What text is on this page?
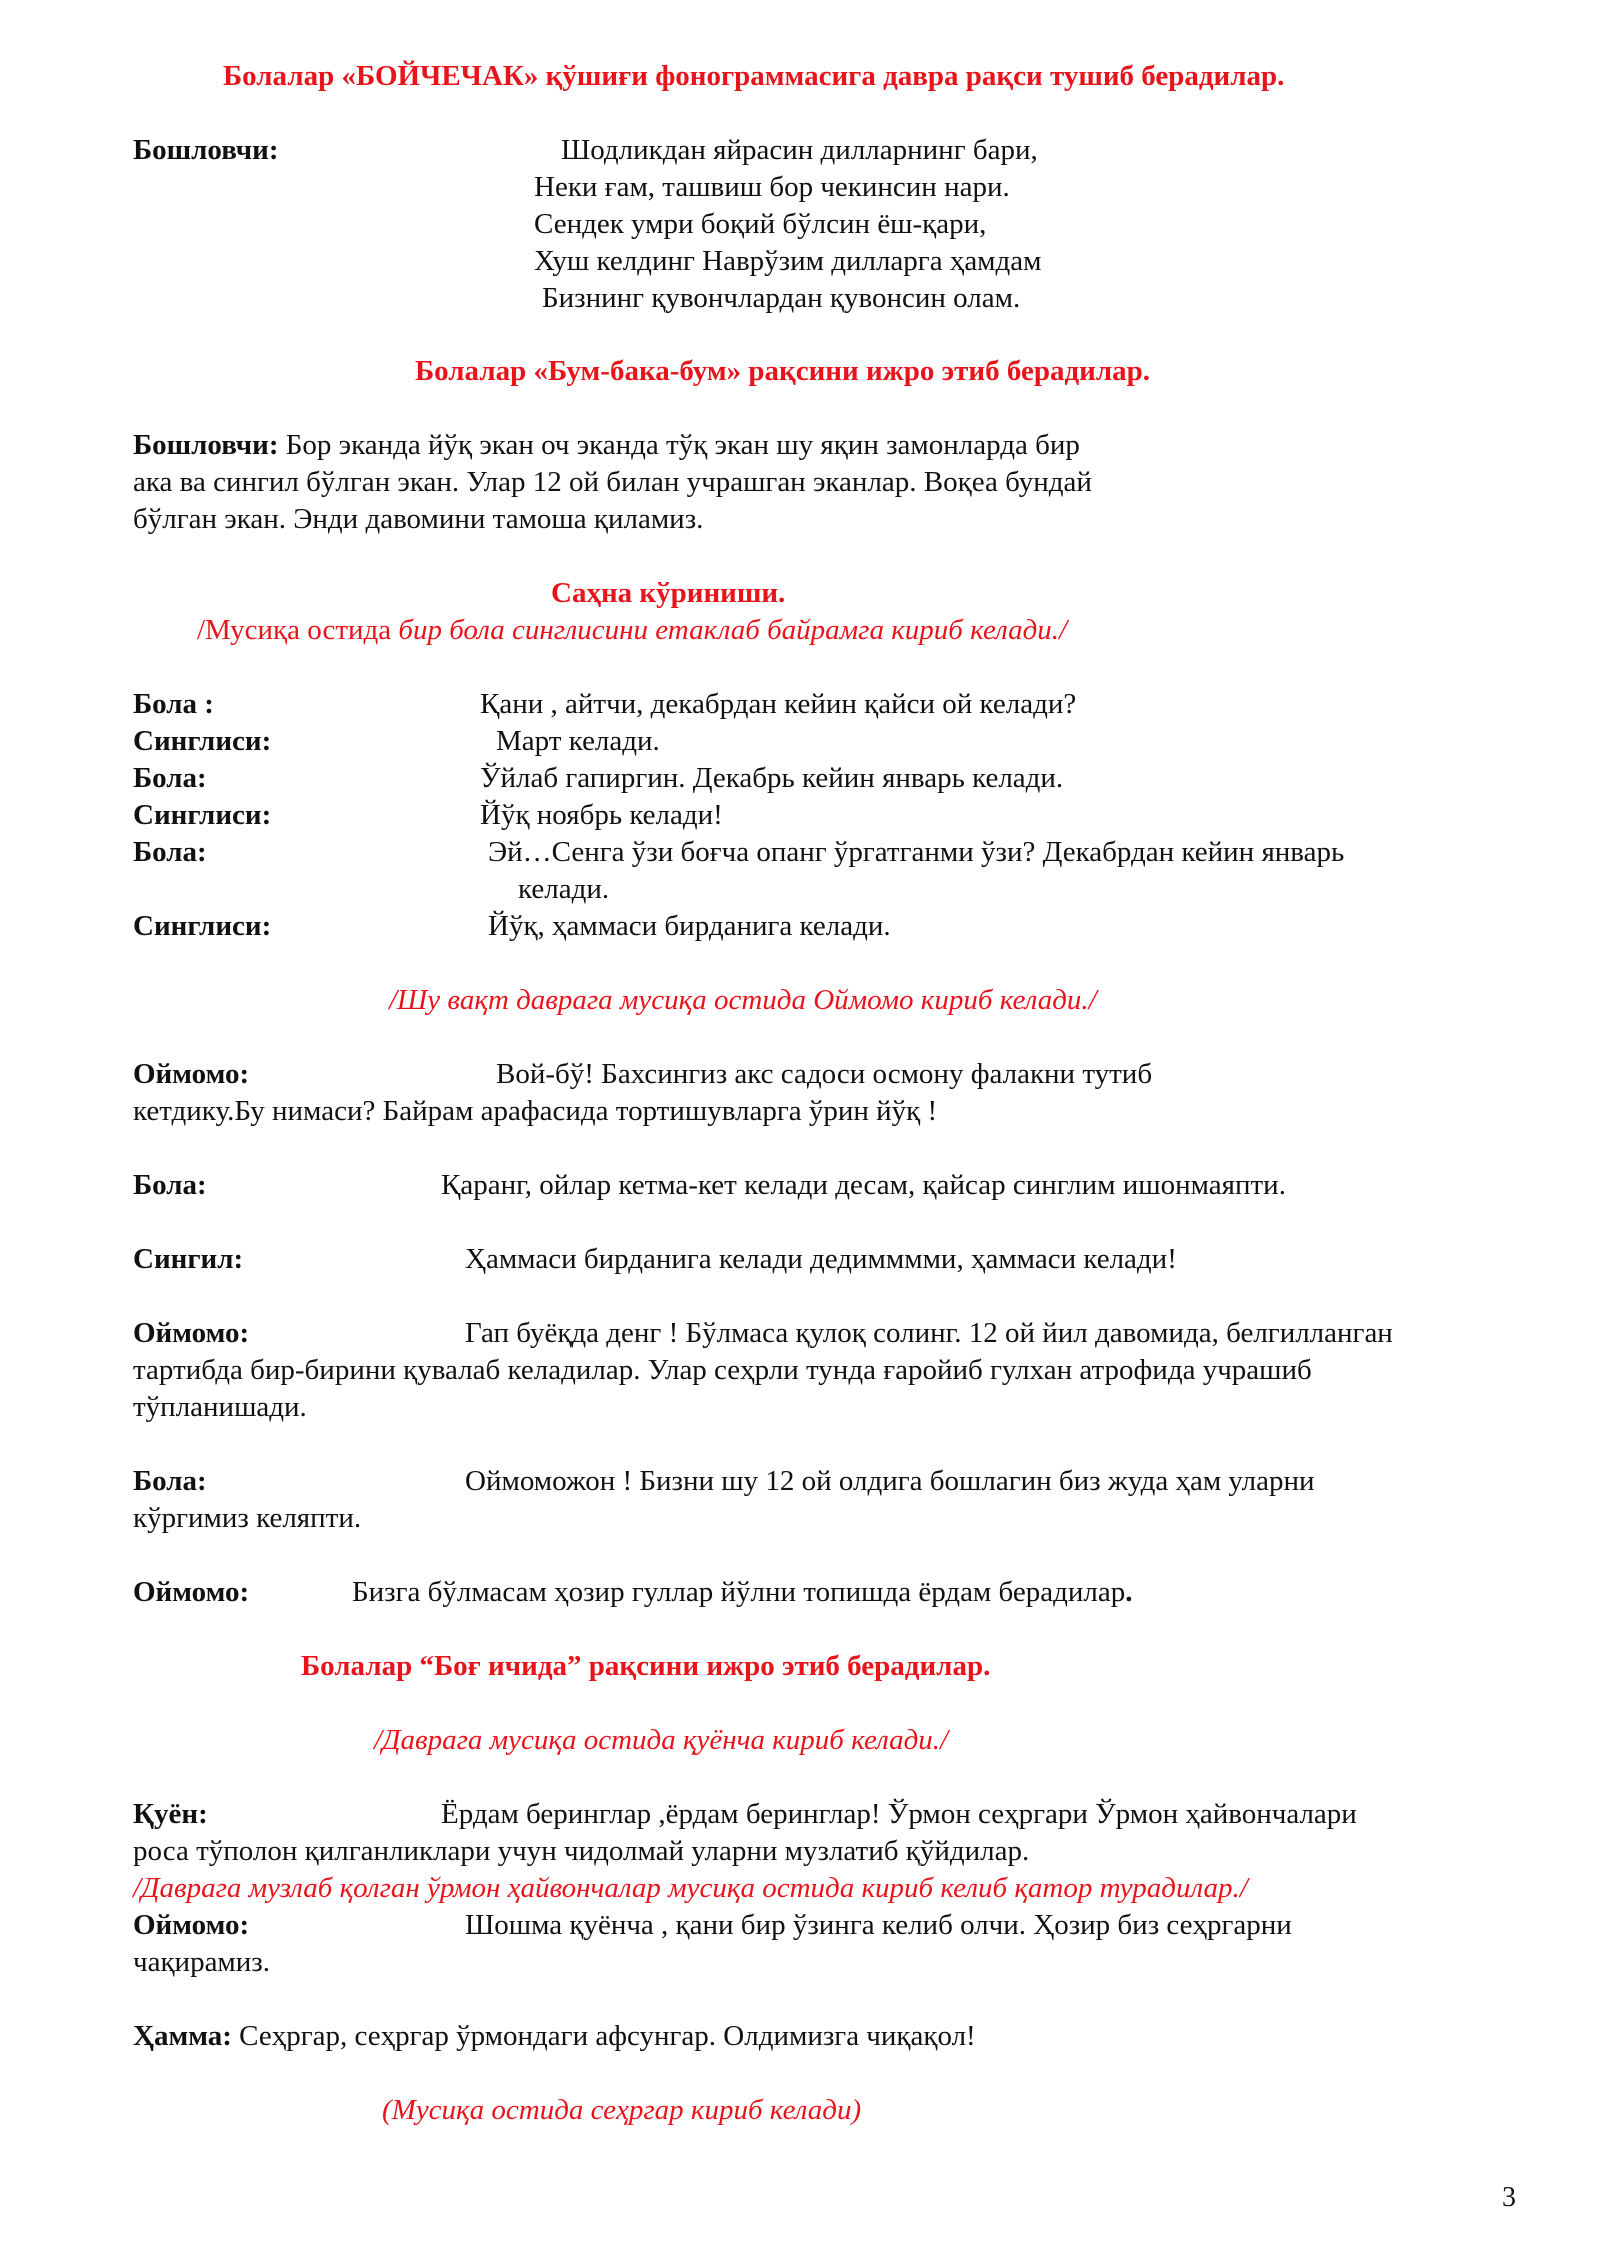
Болалар «БОЙЧЕЧАК» қўшиғи фонограммасига давра рақси тушиб берадилар.
Бошловчи:	Шодликдан яйрасин дилларнинг бари,
Неки ғам, ташвиш бор чекинсин нари.
Сендек умри боқий бўлсин ёш-қари,
Хуш келдинг Наврўзим дилларга ҳамдам
Бизнинг қувончлардан қувонсин олам.
Болалар «Бум-бака-бум» рақсини ижро этиб берадилар.
Бошловчи: Бор эканда йўқ экан оч эканда тўқ экан шу яқин замонларда бир
ака ва сингил бўлган экан. Улар 12 ой билан учрашган эканлар. Воқеа бундай
бўлган экан. Энди давомини тамоша қиламиз.
Саҳна кўриниши.
/Мусиқа остида бир бола синглисини етаклаб байрамга кириб келади./
Бола :	Қани , айтчи, декабрдан кейин қайси ой келади?
Синглиси:	Март келади.
Бола:	Ўйлаб гапиргин. Декабрь кейин январь келади.
Синглиси:	Йўқ ноябрь келади!
Бола:	Эй…Сенга ўзи боғча опанг ўргатганми ўзи? Декабрдан кейин январь
келади.
Синглиси:	Йўқ, ҳаммаси бирданига келади.
/Шу вақт даврага мусиқа остида Оймомо кириб келади./
Оймомо:	Вой-бў! Бахсингиз акс садоси осмону фалакни тутиб
кетдику.Бу нимаси? Байрам арафасида тортишувларга ўрин йўқ !
Бола:	Қаранг, ойлар кетма-кет келади десам, қайсар синглим ишонмаяпти.
Сингил:	Ҳаммаси бирданига келади дедимммми, ҳаммаси келади!
Оймомо:	Гап буёқда денг ! Бўлмаса қулоқ солинг. 12 ой йил давомида, белгилланган
тартибда бир-бирини қувалаб келадилар. Улар сеҳрли тунда ғаройиб гулхан атрофида учрашиб
тўпланишади.
Бола:	Оймоможон ! Бизни шу 12 ой олдига бошлагин биз жуда ҳам уларни
кўргимиз келяпти.
Оймомо:	Бизга бўлмасам ҳозир гуллар йўлни топишда ёрдам берадилар.
Болалар “Боғ ичида” рақсини ижро этиб берадилар.
/Даврага мусиқа остида қуёнча кириб келади./
Қуён:	Ёрдам беринглар ,ёрдам беринглар! Ўрмон сеҳргари Ўрмон ҳайвончалари
роса тўполон қилганликлари учун чидолмай уларни музлатиб қўйдилар.
/Даврага музлаб қолган ўрмон ҳайвончалар мусиқа остида кириб келиб қатор турадилар./
Оймомо:	Шошма қуёнча , қани бир ўзинга келиб олчи. Ҳозир биз сеҳргарни
чақирамиз.
Ҳамма: Сеҳргар, сеҳргар ўрмондаги афсунгар. Олдимизга чиқақол!
(Мусиқа остида сеҳргар кириб келади)
3
